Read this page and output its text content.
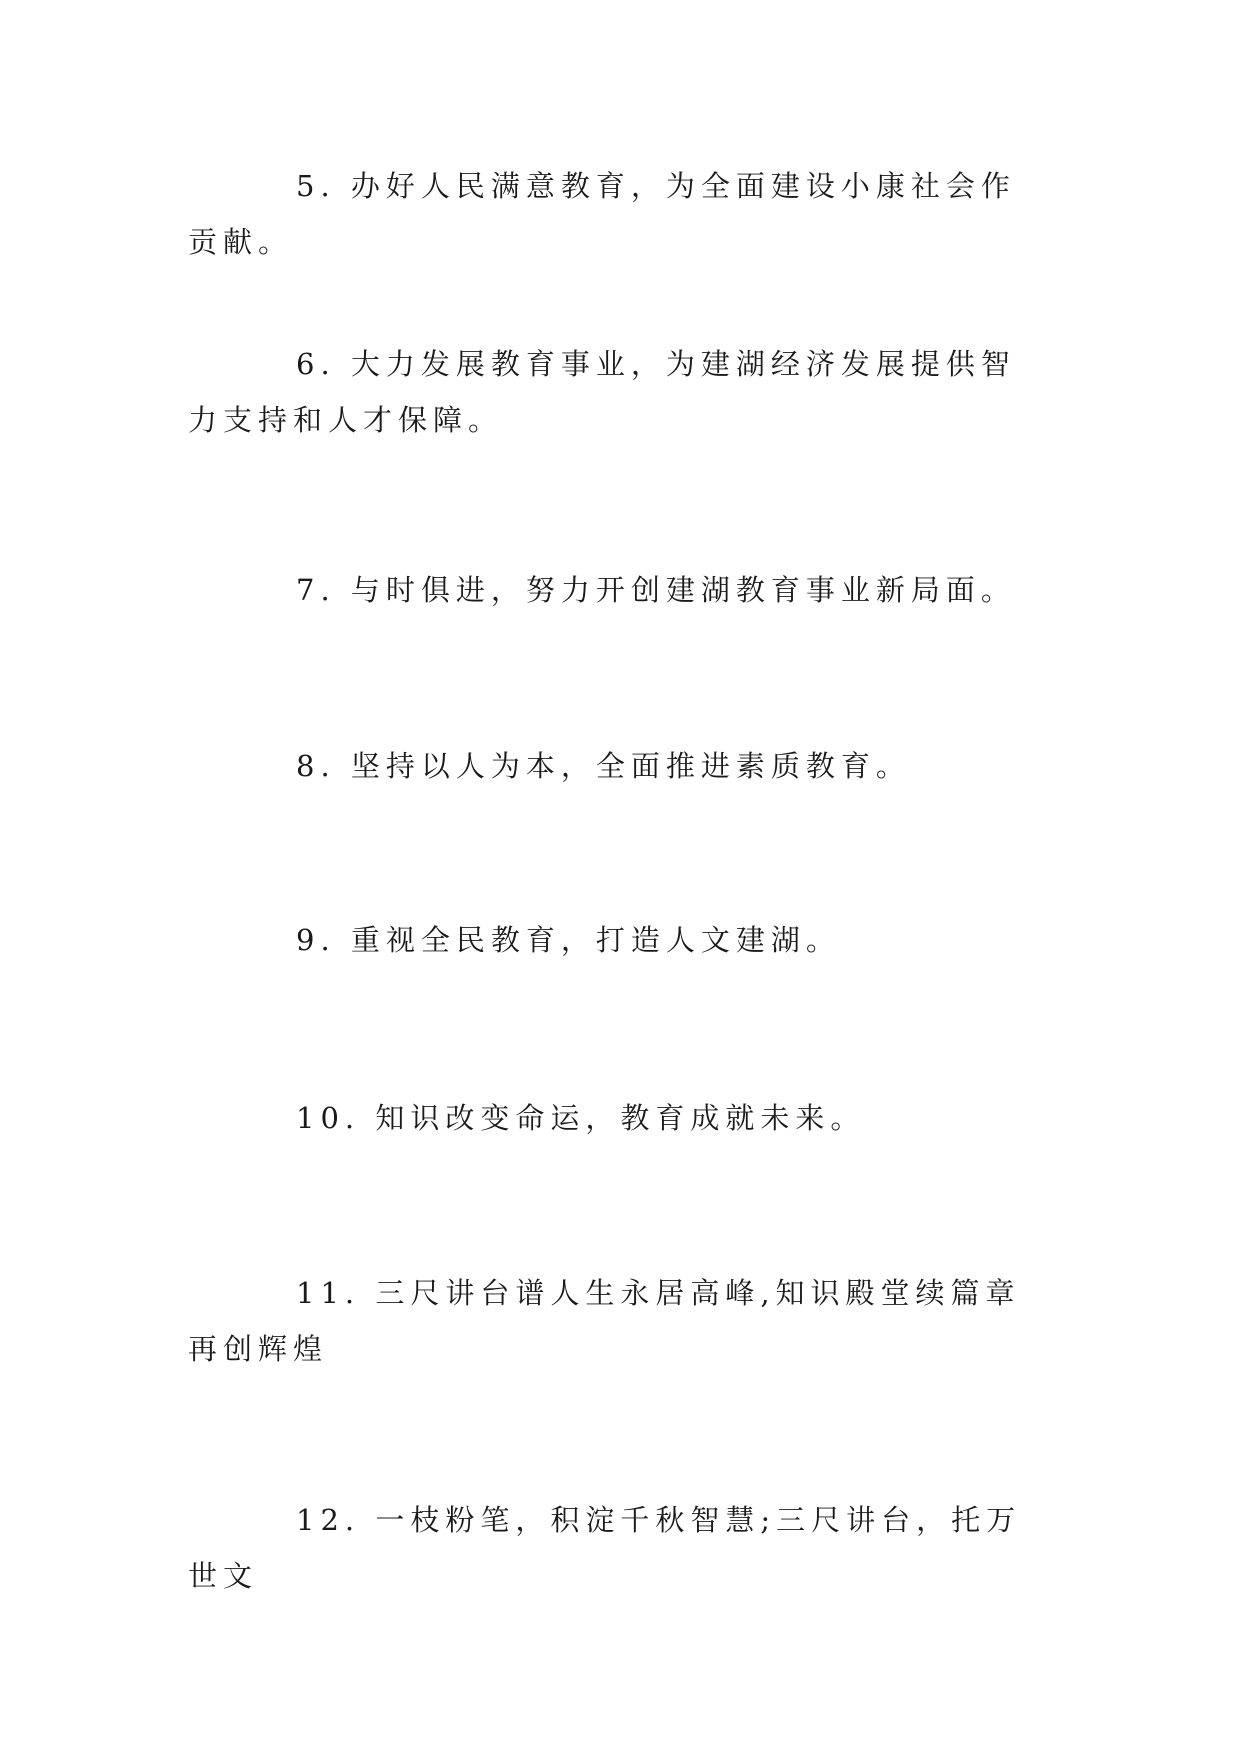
5. 办好人民满意教育，为全面建设小康社会作贡献。

6. 大力发展教育事业，为建湖经济发展提供智力支持和人才保障。

7. 与时俱进，努力开创建湖教育事业新局面。

8. 坚持以人为本，全面推进素质教育。

9. 重视全民教育，打造人文建湖。

10. 知识改变命运，教育成就未来。

11. 三尺讲台谱人生永居高峰,知识殿堂续篇章再创辉煌

12. 一枝粉笔，积淀千秋智慧;三尺讲台，托万世文
